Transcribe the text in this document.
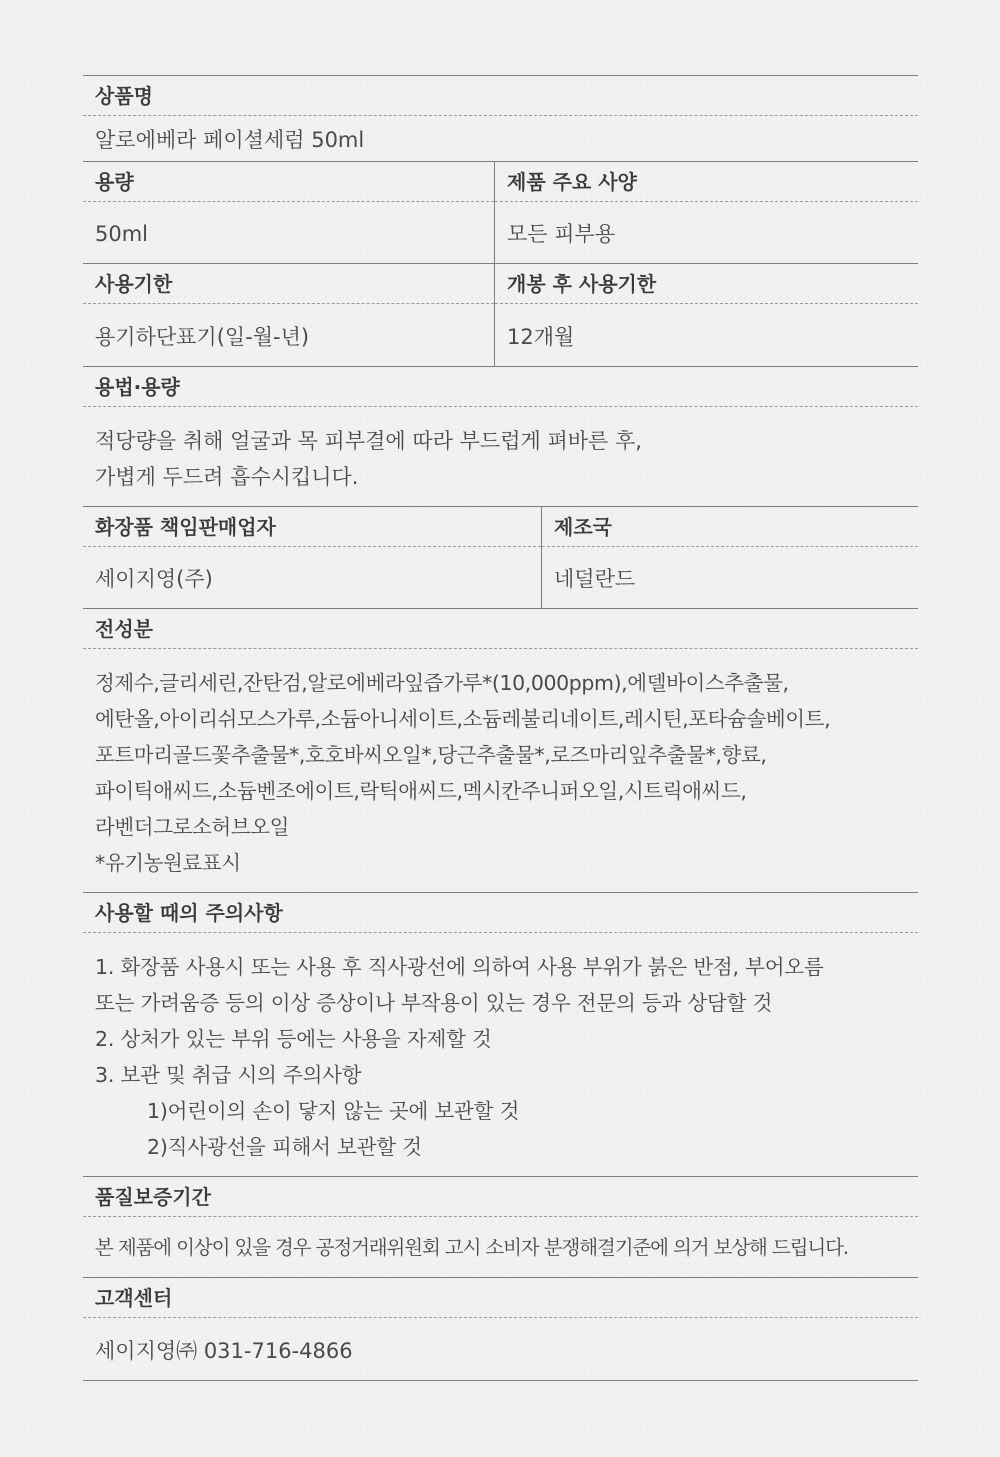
상품명
알로에베라 페이셜세럼 50ml
용량
50ml
제품 주요 사양
모든 피부용
사용기한
용기하단표기(일-월-년)
개봉 후 사용기한
12개월
용법·용량
적당량을 취해 얼굴과 목 피부결에 따라 부드럽게 펴바른 후,
가볍게 두드려 흡수시킵니다.
화장품 책임판매업자
세이지영(주)
제조국
네덜란드
전성분
정제수,글리세린,잔탄검,알로에베라잎즙가루*(10,000ppm),에델바이스추출물,
에탄올,아이리쉬모스가루,소듐아니세이트,소듐레불리네이트,레시틴,포타슘솔베이트,
포트마리골드꽃추출물*,호호바씨오일*,당근추출물*,로즈마리잎추출물*,향료,
파이틱애씨드,소듐벤조에이트,락틱애씨드,멕시칸주니퍼오일,시트릭애씨드,
라벤더그로소허브오일
*유기농원료표시
사용할 때의 주의사항
1. 화장품 사용시 또는 사용 후 직사광선에 의하여 사용 부위가 붉은 반점, 부어오름
또는 가려움증 등의 이상 증상이나 부작용이 있는 경우 전문의 등과 상담할 것
2. 상처가 있는 부위 등에는 사용을 자제할 것
3. 보관 및 취급 시의 주의사항
1)어린이의 손이 닿지 않는 곳에 보관할 것
2)직사광선을 피해서 보관할 것
품질보증기간
본 제품에 이상이 있을 경우 공정거래위원회 고시 소비자 분쟁해결기준에 의거 보상해 드립니다.
고객센터
세이지영㈜ 031-716-4866
